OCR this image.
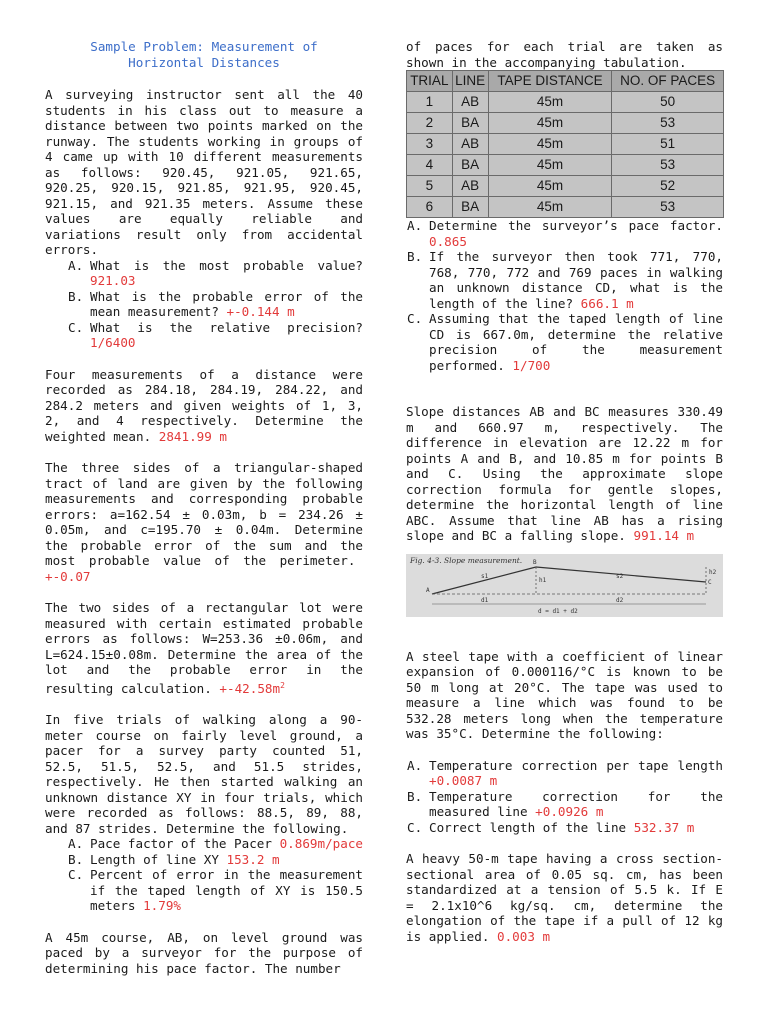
Sample Problem: Measurement of
Horizontal Distances

A surveying instructor sent all the 40 students in his class out to measure a distance between two points marked on the runway. The students working in groups of 4 came up with 10 different measurements as follows: 920.45, 921.05, 921.65, 920.25, 920.15, 921.85, 921.95, 920.45, 921.15, and 921.35 meters. Assume these values are equally reliable and variations result only from accidental errors.

A. What is the most probable value? 921.03
B. What is the probable error of the mean measurement? +-0.144 m
C. What is the relative precision? 1/6400

Four measurements of a distance were recorded as 284.18, 284.19, 284.22, and 284.2 meters and given weights of 1, 3, 2, and 4 respectively. Determine the weighted mean. 2841.99 m

The three sides of a triangular-shaped tract of land are given by the following measurements and corresponding probable errors: a=162.54 ± 0.03m, b = 234.26 ± 0.05m, and c=195.70 ± 0.04m. Determine the probable error of the sum and the most probable value of the perimeter.  +-0.07

The two sides of a rectangular lot were measured with certain estimated probable errors as follows: W=253.36 ±0.06m, and L=624.15±0.08m. Determine the area of the lot and the probable error in the resulting calculation. $+-42.58m^2$

In five trials of walking along a 90-meter course on fairly level ground, a pacer for a survey party counted 51, 52.5, 51.5, 52.5, and 51.5 strides, respectively. He then started walking an unknown distance XY in four trials, which were recorded as follows: 88.5, 89, 88, and 87 strides. Determine the following.

A. Pace factor of the Pacer 0.869m/pace
B. Length of line XY 153.2 m
C. Percent of error in the measurement if the taped length of XY is 150.5 meters 1.79%

A 45m course, AB, on level ground was paced by a surveyor for the purpose of determining his pace factor. The number

of paces for each trial are taken as shown in the accompanying tabulation.

TRIAL	LINE	TAPE DISTANCE	NO. OF PACES
1	AB	45m	50
2	BA	45m	53
3	AB	45m	51
4	BA	45m	53
5	AB	45m	52
6	BA	45m	53
A. Determine the surveyor’s pace factor. 0.865
B. If the surveyor then took 771, 770, 768, 770, 772 and 769 paces in walking an unknown distance CD, what is the length of the line? 666.1 m
C. Assuming that the taped length of line CD is 667.0m, determine the relative precision of the measurement performed. 1/700

Slope distances AB and BC measures 330.49 m and 660.97 m, respectively. The difference in elevation are 12.22 m for points A and B, and 10.85 m for points B and C. Using the approximate slope correction formula for gentle slopes, determine the horizontal length of line ABC. Assume that line AB has a rising slope and BC a falling slope. 991.14 m

Fig. 4-3. Slope measurement.
A
B
C
s1	s2
h1
h2
d1	d2
d = d1 + d2

A steel tape with a coefficient of linear expansion of 0.000116/°C is known to be 50 m long at 20°C. The tape was used to measure a line which was found to be 532.28 meters long when the temperature was 35°C. Determine the following:

A. Temperature correction per tape length +0.0087 m
B. Temperature correction for the measured line +0.0926 m
C. Correct length of the line 532.37 m

A heavy 50-m tape having a cross section-sectional area of 0.05 sq. cm, has been standardized at a tension of 5.5 k. If E = 2.1x10^6 kg/sq. cm, determine the elongation of the tape if a pull of 12 kg is applied. 0.003 m
